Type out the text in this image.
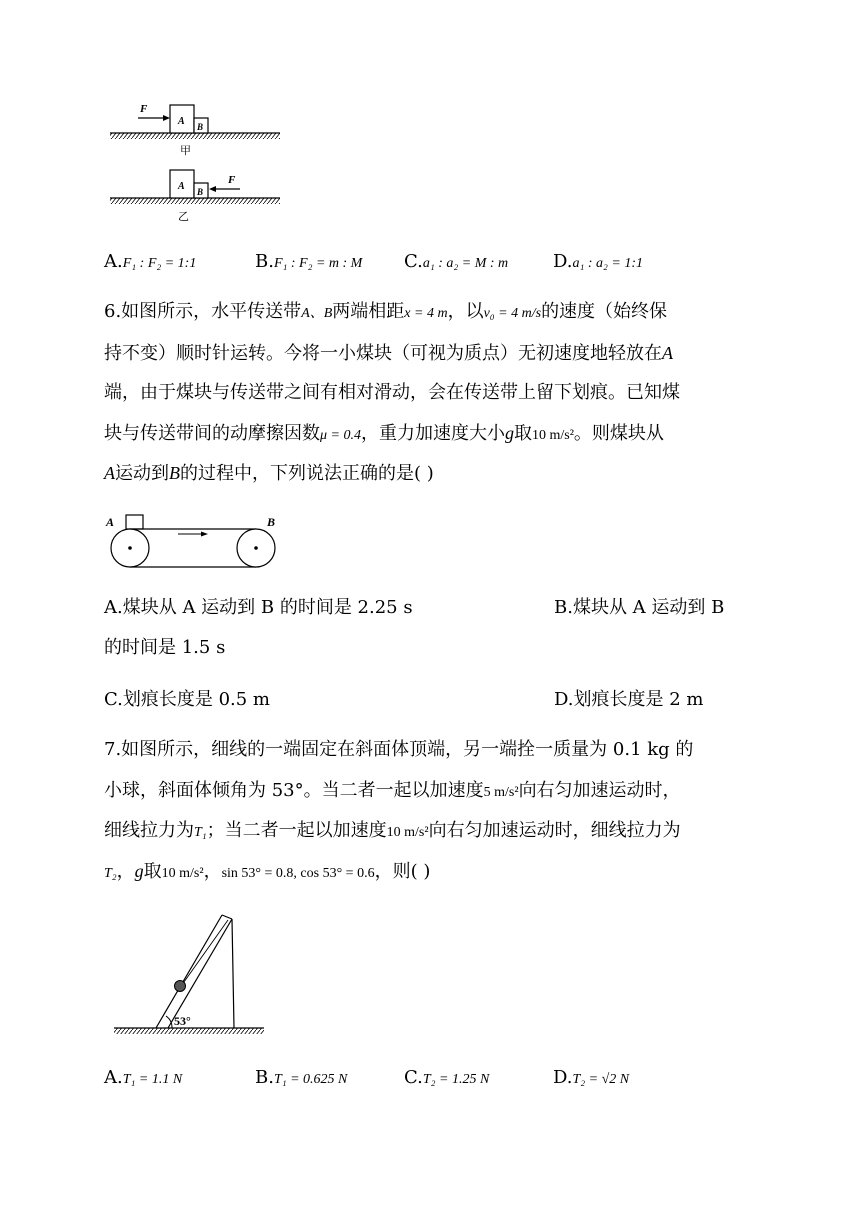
F
A B
甲
F
A B
乙
A.F₁ : F₂ = 1:1	B.F₁ : F₂ = m : M C.a₁ : a₂ = M : m D.a₁ : a₂ = 1:1
6.如图所示，水平传送带A、B两端相距x = 4 m，以v₀ = 4 m/s的速度（始终保
持不变）顺时针运转。今将一小煤块（可视为质点）无初速度地轻放在A
端，由于煤块与传送带之间有相对滑动，会在传送带上留下划痕。已知煤
块与传送带间的动摩擦因数μ = 0.4，重力加速度大小g取10 m/s²。则煤块从
A运动到B的过程中，下列说法正确的是( )
A	B
A.煤块从 A 运动到 B 的时间是 2.25 s	B.煤块从 A 运动到 B
的时间是 1.5 s
C.划痕长度是 0.5 m	D.划痕长度是 2 m
7.如图所示，细线的一端固定在斜面体顶端，另一端拴一质量为 0.1 kg 的
小球，斜面体倾角为 53°。当二者一起以加速度5 m/s²向右匀加速运动时，
细线拉力为T₁；当二者一起以加速度10 m/s²向右匀加速运动时，细线拉力为
T₂，g取10 m/s²，sin 53° = 0.8, cos 53° = 0.6，则( )
53°
A.T₁ = 1.1 N	B.T₁ = 0.625 N	C.T₂ = 1.25 N	D.T₂ = √2 N
